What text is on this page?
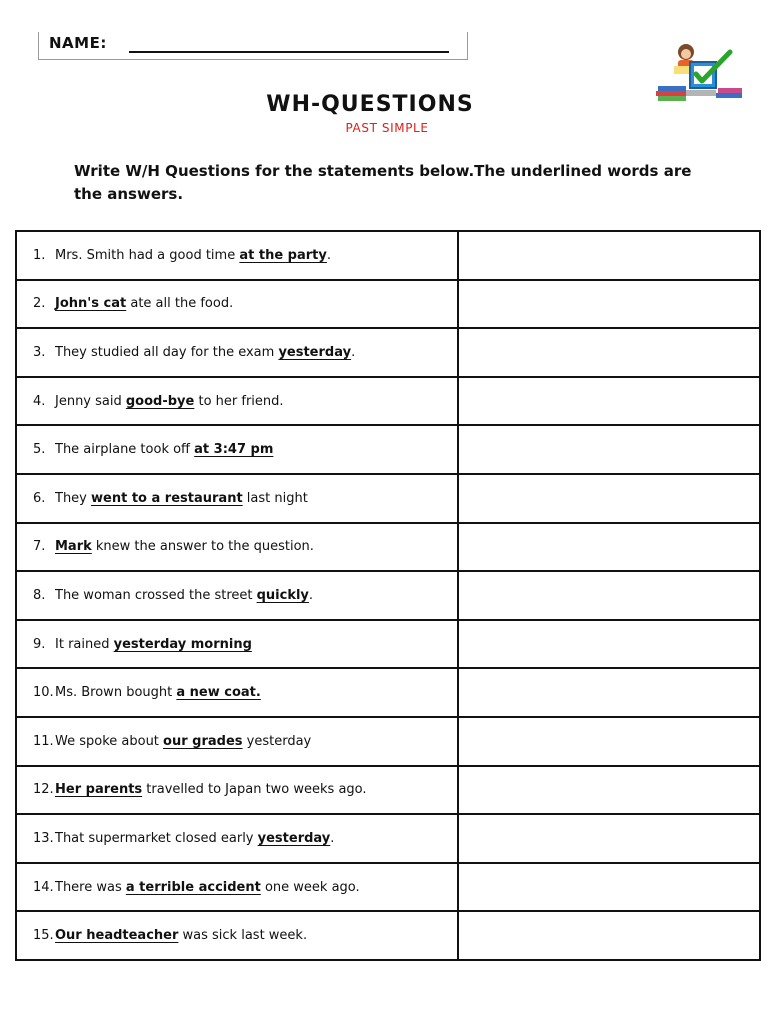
NAME:
WH-QUESTIONS
PAST SIMPLE
Write W/H Questions for the statements below.The underlined words are the answers.
1. Mrs. Smith had a good time at the party.	
2. John's cat ate all the food.	
3. They studied all day for the exam yesterday.	
4. Jenny said good-bye to her friend.	
5. The airplane took off at 3:47 pm	
6. They went to a restaurant last night	
7. Mark knew the answer to the question.	
8. The woman crossed the street quickly.	
9. It rained yesterday morning	
10.Ms. Brown bought a new coat.	
11.We spoke about our grades yesterday	
12.Her parents travelled to Japan two weeks ago.	
13.That supermarket closed early yesterday.	
14.There was a terrible accident one week ago.	
15.Our headteacher was sick last week.	
